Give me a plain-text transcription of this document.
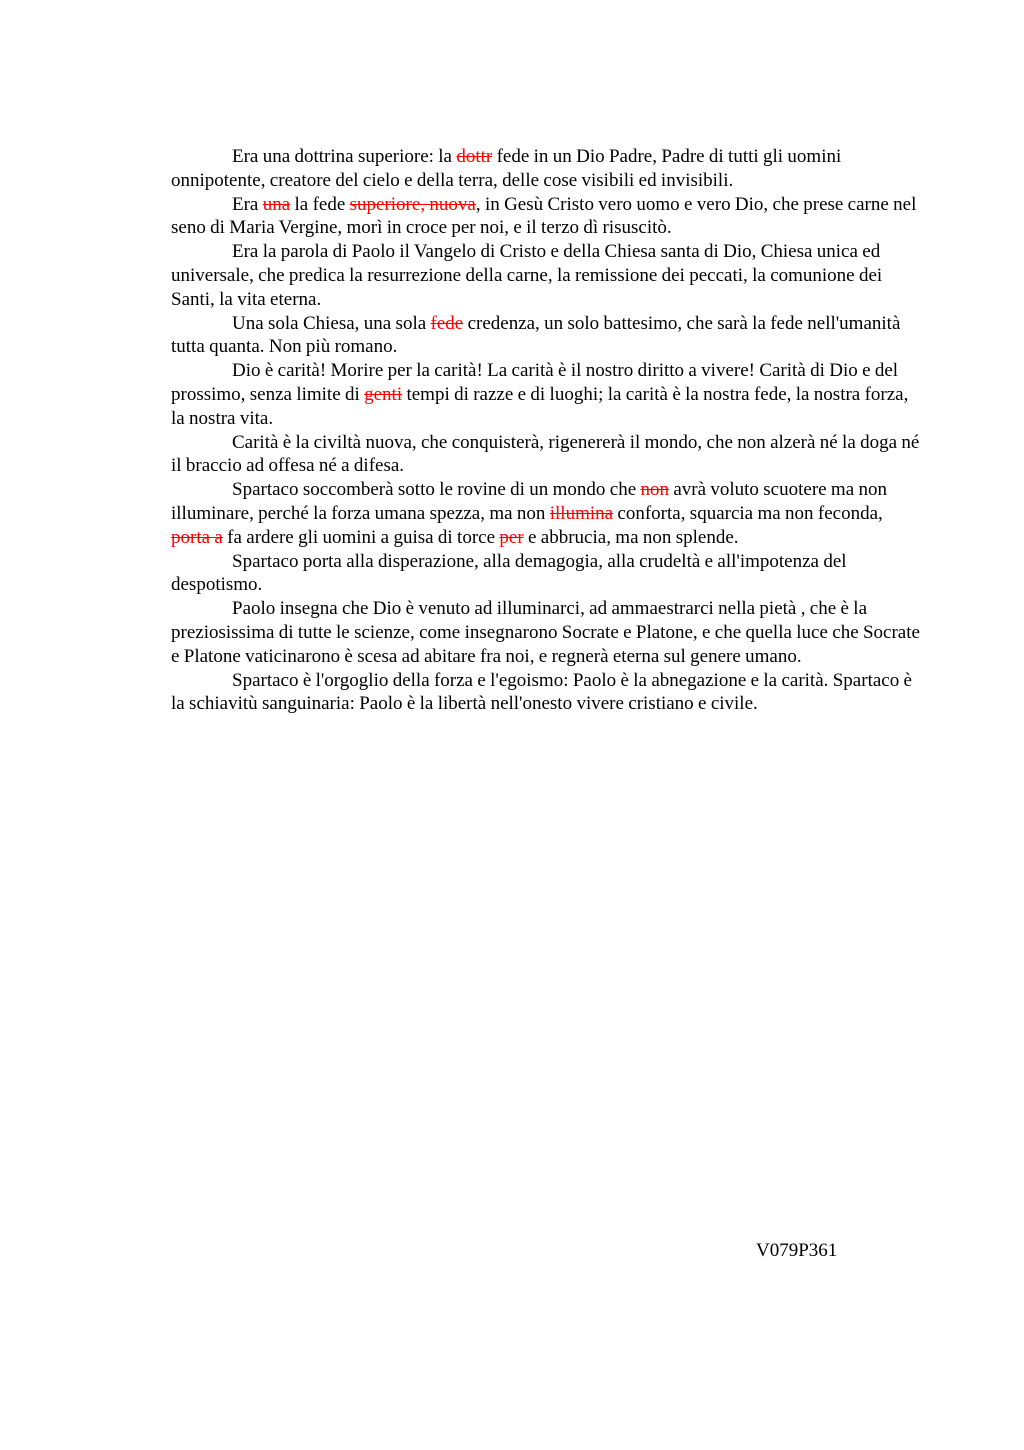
Era una dottrina superiore: la dottr fede in un Dio Padre, Padre di tutti gli uomini onnipotente, creatore del cielo e della terra, delle cose visibili ed invisibili.

Era una la fede superiore, nuova, in Gesù Cristo vero uomo e vero Dio, che prese carne nel seno di Maria Vergine, morì in croce per noi, e il terzo dì risuscitò.

Era la parola di Paolo il Vangelo di Cristo e della Chiesa santa di Dio, Chiesa unica ed universale, che predica la resurrezione della carne, la remissione dei peccati, la comunione dei Santi, la vita eterna.

Una sola Chiesa, una sola fede credenza, un solo battesimo, che sarà la fede nell'umanità tutta quanta. Non più romano.

Dio è carità! Morire per la carità! La carità è il nostro diritto a vivere! Carità di Dio e del prossimo, senza limite di genti tempi di razze e di luoghi; la carità è la nostra fede, la nostra forza, la nostra vita.

Carità è la civiltà nuova, che conquisterà, rigenererà il mondo, che non alzerà né la doga né il braccio ad offesa né a difesa.

Spartaco soccomberà sotto le rovine di un mondo che non avrà voluto scuotere ma non illuminare, perché la forza umana spezza, ma non illumina conforta, squarcia ma non feconda, porta a fa ardere gli uomini a guisa di torce per e abbrucia, ma non splende.

Spartaco porta alla disperazione, alla demagogia, alla crudeltà e all'impotenza del despotismo.

Paolo insegna che Dio è venuto ad illuminarci, ad ammaestrarci nella pietà , che è la preziosissima di tutte le scienze, come insegnarono Socrate e Platone, e che quella luce che Socrate e Platone vaticinarono è scesa ad abitare fra noi, e regnerà eterna sul genere umano.

Spartaco è l'orgoglio della forza e l'egoismo: Paolo è la abnegazione e la carità. Spartaco è la schiavitù sanguinaria: Paolo è la libertà nell'onesto vivere cristiano e civile.

V079P361
